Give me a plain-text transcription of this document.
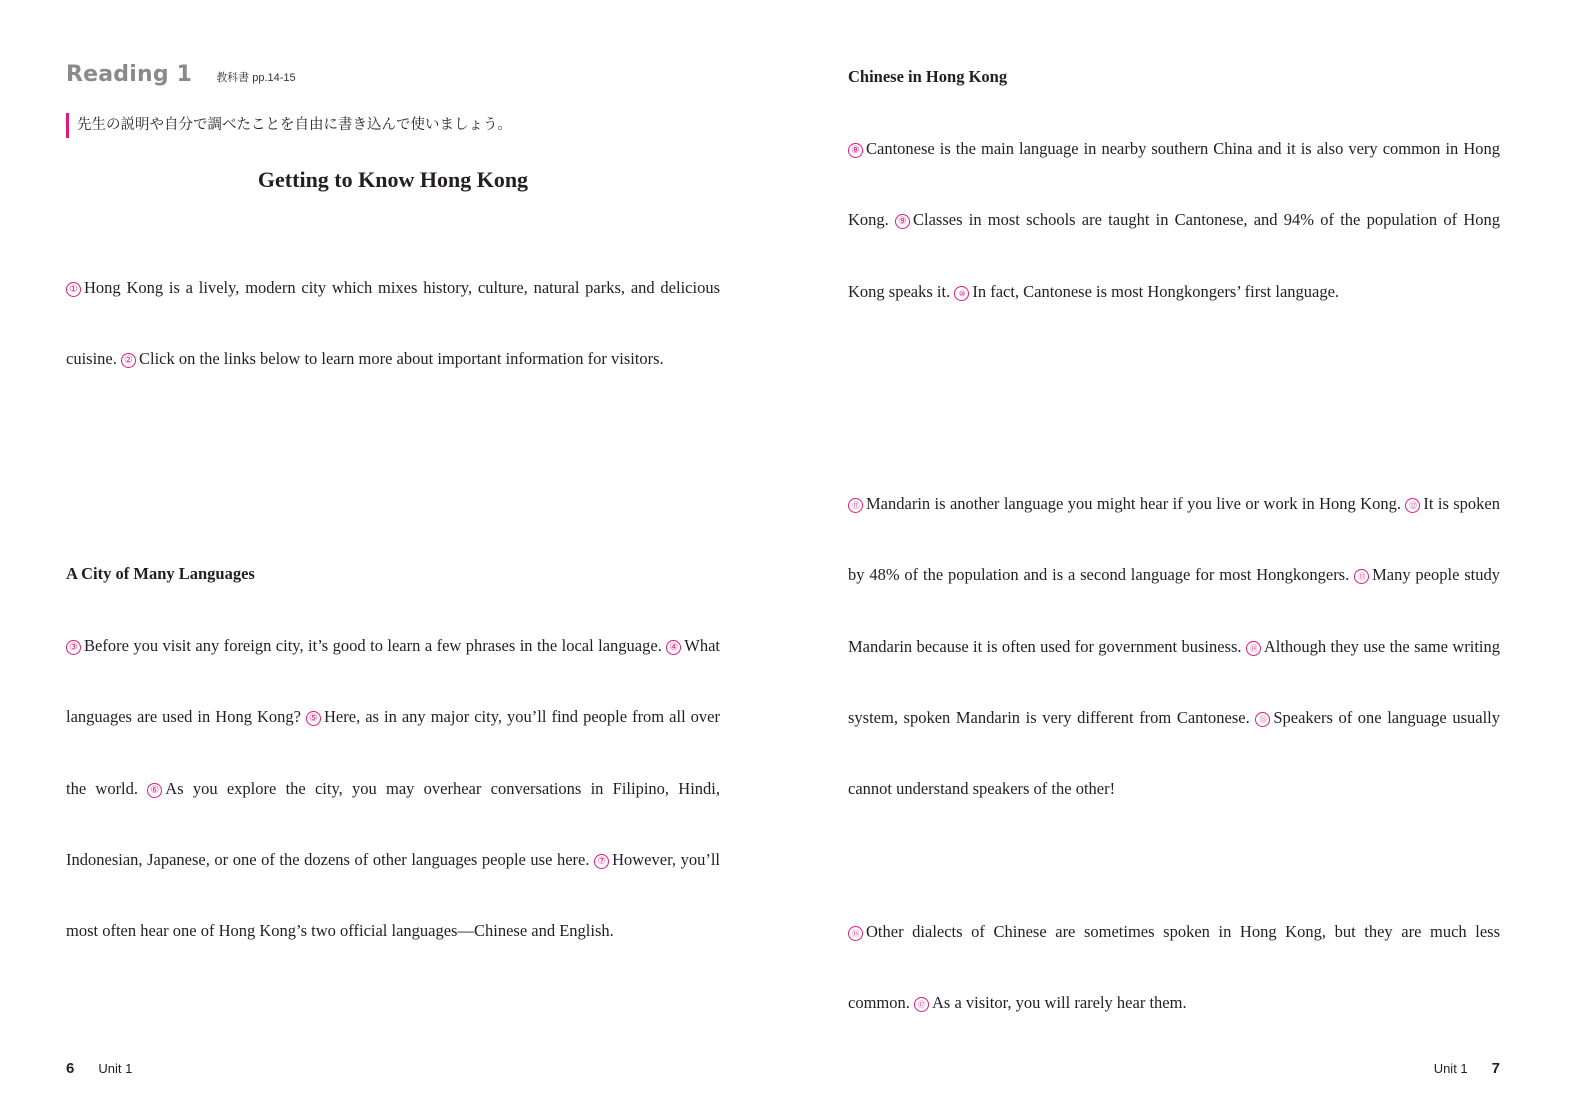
Reading 1 教科書 pp.14-15
先生の説明や自分で調べたことを自由に書き込んで使いましょう。
Getting to Know Hong Kong

① Hong Kong is a lively, modern city which mixes history, culture, natural parks, and delicious cuisine. ② Click on the links below to learn more about important information for visitors.

A City of Many Languages

③ Before you visit any foreign city, it’s good to learn a few phrases in the local language. ④ What languages are used in Hong Kong? ⑤ Here, as in any major city, you’ll find people from all over the world. ⑥ As you explore the city, you may overhear conversations in Filipino, Hindi, Indonesian, Japanese, or one of the dozens of other languages people use here. ⑦ However, you’ll most often hear one of Hong Kong’s two official languages—Chinese and English.

6 Unit 1
Chinese in Hong Kong

⑧ Cantonese is the main language in nearby southern China and it is also very common in Hong Kong. ⑨ Classes in most schools are taught in Cantonese, and 94% of the population of Hong Kong speaks it. ⑩ In fact, Cantonese is most Hongkongers’ first language.

⑪ Mandarin is another language you might hear if you live or work in Hong Kong. ⑫ It is spoken by 48% of the population and is a second language for most Hongkongers. ⑬ Many people study Mandarin because it is often used for government business. ⑭ Although they use the same writing system, spoken Mandarin is very different from Cantonese. ⑮ Speakers of one language usually cannot understand speakers of the other!

⑯ Other dialects of Chinese are sometimes spoken in Hong Kong, but they are much less common. ⑰ As a visitor, you will rarely hear them.

Unit 1 7
